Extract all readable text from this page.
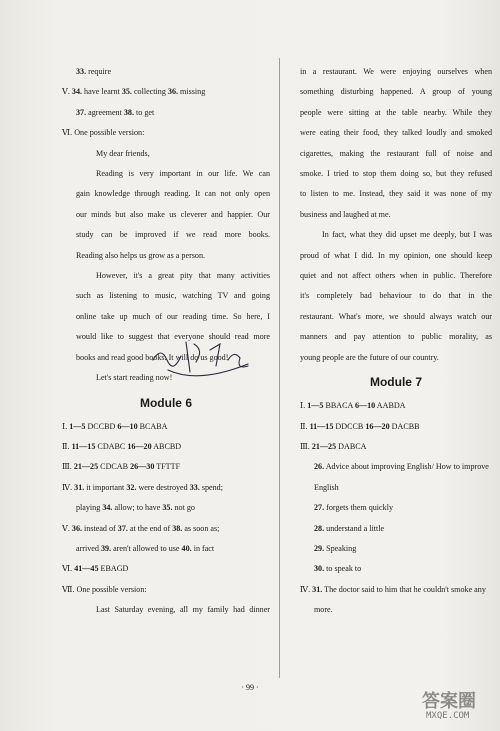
33. require
Ⅴ. 34. have learnt 35. collecting 36. missing
37. agreement 38. to get
Ⅵ. One possible version:
My dear friends,
Reading is very important in our life. We can
gain knowledge through reading. It can not only open
our minds but also make us cleverer and happier. Our
study can be improved if we read more books.
Reading also helps us grow as a person.
However, it's a great pity that many activities
such as listening to music, watching TV and going
online take up much of our reading time. So here, I
would like to suggest that everyone should read more
books and read good books. It will do us good!
Let's start reading now!
Module 6
Ⅰ. 1—5 DCCBD 6—10 BCABA
Ⅱ. 11—15 CDABC 16—20 ABCBD
Ⅲ. 21—25 CDCAB 26—30 TFTTF
Ⅳ. 31. it important 32. were destroyed 33. spend;
playing 34. allow; to have 35. not go
Ⅴ. 36. instead of 37. at the end of 38. as soon as;
arrived 39. aren't allowed to use 40. in fact
Ⅵ. 41—45 EBAGD
Ⅶ. One possible version:
Last Saturday evening, all my family had dinner
in a restaurant. We were enjoying ourselves when
something disturbing happened. A group of young
people were sitting at the table nearby. While they
were eating their food, they talked loudly and smoked
cigarettes, making the restaurant full of noise and
smoke. I tried to stop them doing so, but they refused
to listen to me. Instead, they said it was none of my
business and laughed at me.
In fact, what they did upset me deeply, but I was
proud of what I did. In my opinion, one should keep
quiet and not affect others when in public. Therefore
it's completely bad behaviour to do that in the
restaurant. What's more, we should always watch our
manners and pay attention to public morality, as
young people are the future of our country.
Module 7
Ⅰ. 1—5 BBACA 6—10 AABDA
Ⅱ. 11—15 DDCCB 16—20 DACBB
Ⅲ. 21—25 DABCA
26. Advice about improving English/ How to improve
English
27. forgets them quickly
28. understand a little
29. Speaking
30. to speak to
Ⅳ. 31. The doctor said to him that he couldn't smoke any
more.
· 99 ·
答案圈
MXQE.COM
